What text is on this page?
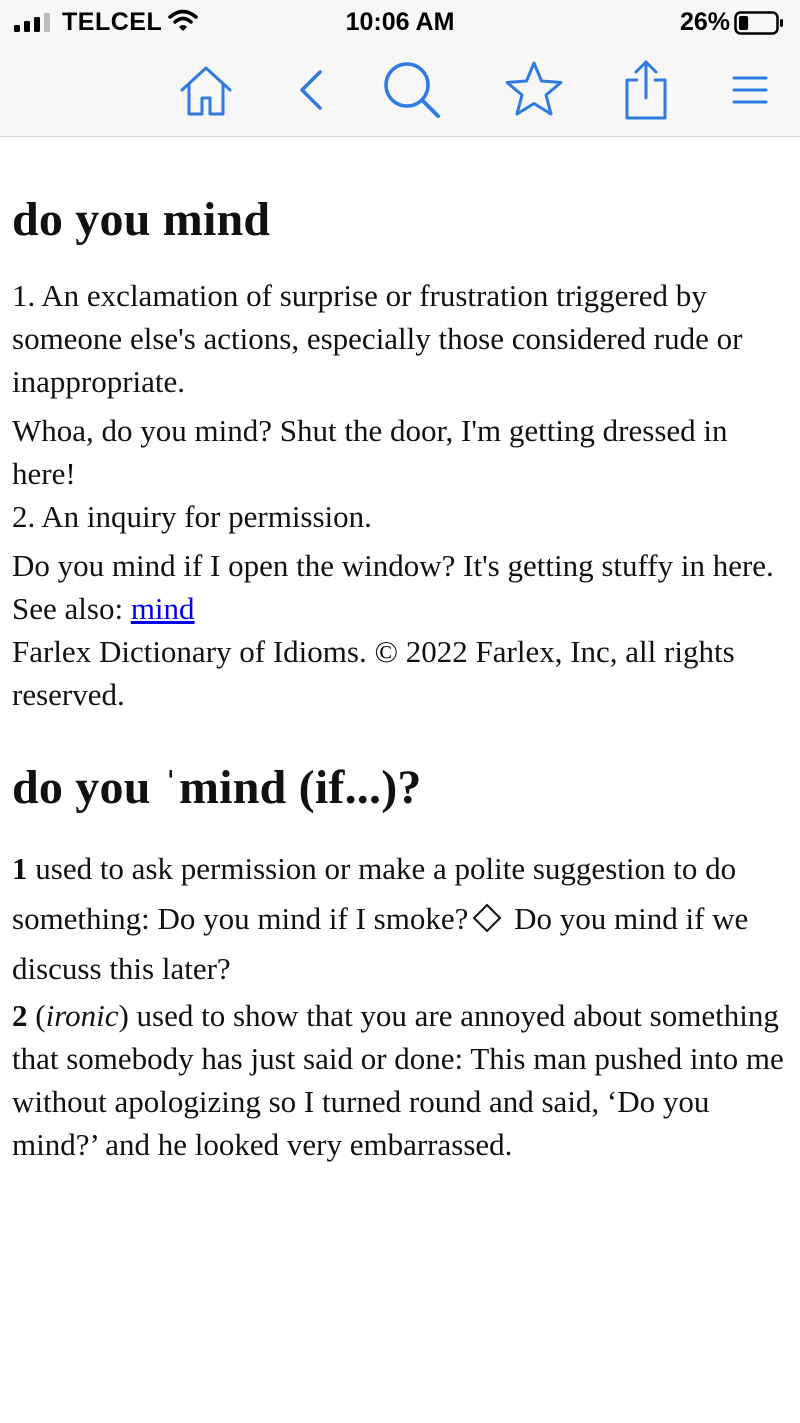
TELCEL	10:06 AM	26%
do you mind

1. An exclamation of surprise or frustration triggered by someone else's actions, especially those considered rude or inappropriate.

Whoa, do you mind? Shut the door, I'm getting dressed in here!

2. An inquiry for permission.

Do you mind if I open the window? It's getting stuffy in here.

See also: mind

Farlex Dictionary of Idioms. © 2022 Farlex, Inc, all rights reserved.

do you ˈmind (if...)?

1 used to ask permission or make a polite suggestion to do something: Do you mind if I smoke? Do you mind if we discuss this later?

2 (ironic) used to show that you are annoyed about something that somebody has just said or done: This man pushed into me without apologizing so I turned round and said, ‘Do you mind?’ and he looked very embarrassed.
